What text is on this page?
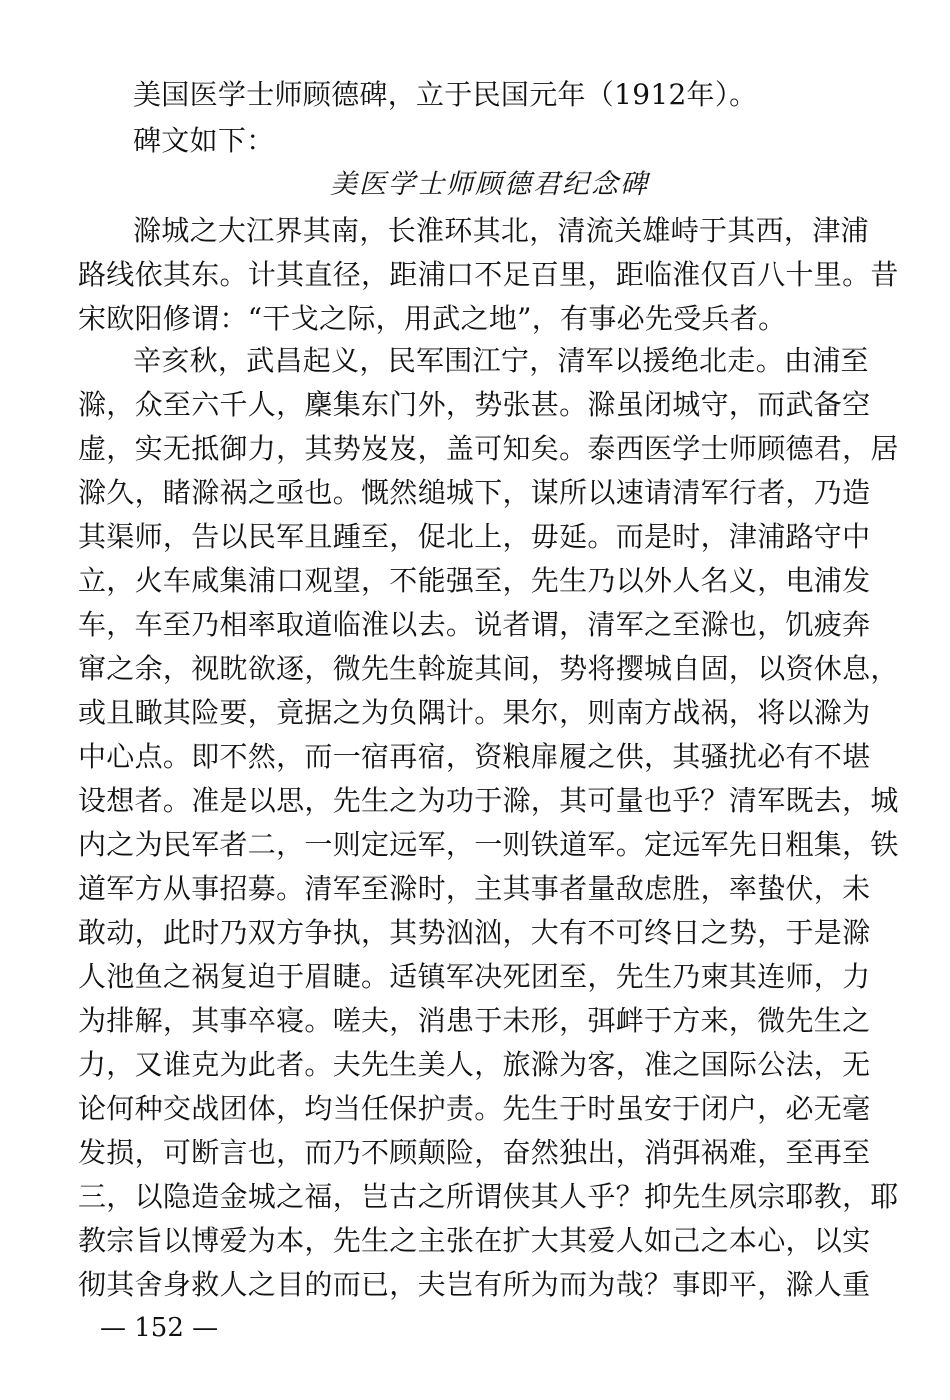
美国医学士师顾德碑，立于民国元年（1912年）。
碑文如下：
美医学士师顾德君纪念碑
滁城之大江界其南，长淮环其北，清流关雄峙于其西，津浦
路线依其东。计其直径，距浦口不足百里，距临淮仅百八十里。昔
宋欧阳修谓：“干戈之际，用武之地”，有事必先受兵者。
辛亥秋，武昌起义，民军围江宁，清军以援绝北走。由浦至
滁，众至六千人，麇集东门外，势张甚。滁虽闭城守，而武备空
虚，实无抵御力，其势岌岌，盖可知矣。泰西医学士师顾德君，居
滁久，睹滁祸之亟也。慨然缒城下，谋所以速请清军行者，乃造
其渠师，告以民军且踵至，促北上，毋延。而是时，津浦路守中
立，火车咸集浦口观望，不能强至，先生乃以外人名义，电浦发
车，车至乃相率取道临淮以去。说者谓，清军之至滁也，饥疲奔
窜之余，视眈欲逐，微先生斡旋其间，势将撄城自固，以资休息，
或且瞰其险要，竟据之为负隅计。果尔，则南方战祸，将以滁为
中心点。即不然，而一宿再宿，资粮扉履之供，其骚扰必有不堪
设想者。准是以思，先生之为功于滁，其可量也乎？清军既去，城
内之为民军者二，一则定远军，一则铁道军。定远军先日粗集，铁
道军方从事招募。清军至滁时，主其事者量敌虑胜，率蛰伏，未
敢动，此时乃双方争执，其势汹汹，大有不可终日之势，于是滁
人池鱼之祸复迫于眉睫。适镇军决死团至，先生乃柬其连师，力
为排解，其事卒寝。嗟夫，消患于未形，弭衅于方来，微先生之
力，又谁克为此者。夫先生美人，旅滁为客，准之国际公法，无
论何种交战团体，均当任保护责。先生于时虽安于闭户，必无毫
发损，可断言也，而乃不顾颠险，奋然独出，消弭祸难，至再至
三，以隐造金城之福，岂古之所谓侠其人乎？抑先生夙宗耶教，耶
教宗旨以博爱为本，先生之主张在扩大其爱人如己之本心，以实
彻其舍身救人之目的而已，夫岂有所为而为哉？事即平，滁人重
— 152 —
